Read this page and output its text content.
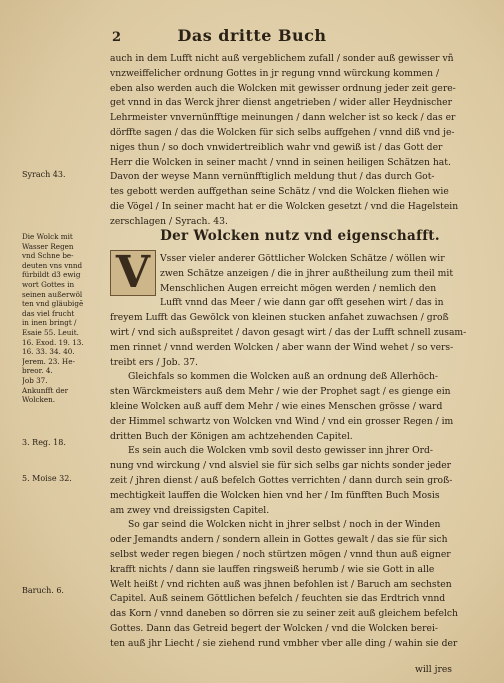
2	Das dritte Buch
auch in dem Lufft nicht auß vergeblichem zufall / sonder auß gewisser vñ
vnzweiffelicher ordnung Gottes in jr regung vnnd würckung kommen /
eben also werden auch die Wolcken mit gewisser ordnung jeder zeit gere-
get vnnd in das Werck jhrer dienst angetrieben / wider aller Heydnischer
Lehrmeister vnvernünfftige meinungen / dann welcher ist so keck / das er
dörffte sagen / das die Wolcken für sich selbs auffgehen / vnnd diß vnd je-
niges thun / so doch vnwidertreiblich wahr vnd gewiß ist / das Gott der
Herr die Wolcken in seiner macht / vnnd in seinen heiligen Schätzen hat.
Davon der weyse Mann vernünfftiglich meldung thut / das durch Got-
tes gebott werden auffgethan seine Schätz / vnd die Wolcken fliehen wie
die Vögel / In seiner macht hat er die Wolcken gesetzt / vnd die Hagelstein
zerschlagen / Syrach. 43.
Der Wolcken nutz vnd eigenschafft.
V	Vsser vieler anderer Göttlicher Wolcken Schätze / wöllen wir
zwen Schätze anzeigen / die in jhrer außtheilung zum theil mit
Menschlichen Augen erreicht mögen werden / nemlich den
Lufft vnnd das Meer / wie dann gar offt gesehen wirt / das in
freyem Lufft das Gewölck von kleinen stucken anfahet zuwachsen / groß
wirt / vnd sich außspreitet / davon gesagt wirt / das der Lufft schnell zusam-
men rinnet / vnnd werden Wolcken / aber wann der Wind wehet / so vers-
treibt ers / Job. 37.
Gleichfals so kommen die Wolcken auß an ordnung deß Allerhöch-
sten Wärckmeisters auß dem Mehr / wie der Prophet sagt / es gienge ein
kleine Wolcken auß auff dem Mehr / wie eines Menschen grösse / ward
der Himmel schwartz von Wolcken vnd Wind / vnd ein grosser Regen / im
dritten Buch der Königen am achtzehenden Capitel.
Es sein auch die Wolcken vmb sovil desto gewisser inn jhrer Ord-
nung vnd wirckung / vnd alsviel sie für sich selbs gar nichts sonder jeder
zeit / jhren dienst / auß befelch Gottes verrichten / dann durch sein groß-
mechtigkeit lauffen die Wolcken hien vnd her / Im fünfften Buch Mosis
am zwey vnd dreissigsten Capitel.
So gar seind die Wolcken nicht in jhrer selbst / noch in der Winden
oder Jemandts andern / sondern allein in Gottes gewalt / das sie für sich
selbst weder regen biegen / noch stürtzen mögen / vnnd thun auß eigner
krafft nichts / dann sie lauffen ringsweiß herumb / wie sie Gott in alle
Welt heißt / vnd richten auß was jhnen befohlen ist / Baruch am sechsten
Capitel. Auß seinem Göttlichen befelch / feuchten sie das Erdtrich vnnd
das Korn / vnnd daneben so dörren sie zu seiner zeit auß gleichem befelch
Gottes. Dann das Getreid begert der Wolcken / vnd die Wolcken berei-
ten auß jhr Liecht / sie ziehend rund vmbher vber alle ding / wahin sie der
will jres
Syrach 43.
Die Wolck mit
Wasser Regen
vnd Schne be-
deuten vns vnnd
fürbildt d3 ewig
wort Gottes in
seinen außerwöl
ten vnd gläubigē
das viel frucht
in inen bringt /
Esaie 55. Leuit.
16. Exod. 19. 13.
16. 33. 34. 40.
Jerem. 23. He-
breor. 4.
Job 37.
Ankunfft der
Wolcken.
3. Reg. 18.
5. Moise 32.
Baruch. 6.
